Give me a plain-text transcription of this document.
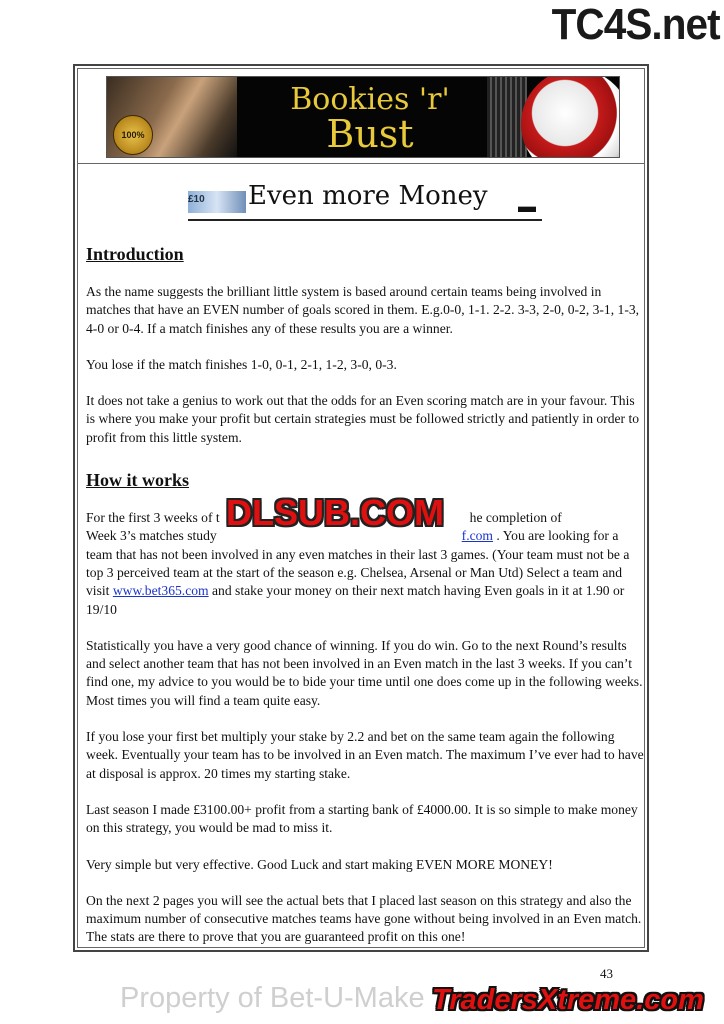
TC4S.net
100%
Bookies 'r'
Bust
£10	Even more Money ▬
Introduction

As the name suggests the brilliant little system is based around certain teams being involved in matches that have an EVEN number of goals scored in them. E.g.0-0, 1-1. 2-2. 3-3, 2-0, 0-2, 3-1, 1-3, 4-0 or 0-4. If a match finishes any of these results you are a winner.

You lose if the match finishes 1-0, 0-1, 2-1, 1-2, 3-0, 0-3.

It does not take a genius to work out that the odds for an Even scoring match are in your favour. This is where you make your profit but certain strategies must be followed strictly and patiently in order to profit from this little system.

How it works

For the first 3 weeks of t	he completion of
Week 3’s matches study	f.com . You are looking for a team that has not been involved in any even matches in their last 3 games. (Your team must not be a top 3 perceived team at the start of the season e.g. Chelsea, Arsenal or Man Utd) Select a team and visit www.bet365.com and stake your money on their next match having Even goals in it at 1.90 or 19/10

Statistically you have a very good chance of winning. If you do win. Go to the next Round’s results and select another team that has not been involved in an Even match in the last 3 weeks. If you can’t find one, my advice to you would be to bide your time until one does come up in the following weeks. Most times you will find a team quite easy.

If you lose your first bet multiply your stake by 2.2 and bet on the same team again the following week. Eventually your team has to be involved in an Even match. The maximum I’ve ever had to have at disposal is approx. 20 times my starting stake.

Last season I made £3100.00+ profit from a starting bank of £4000.00. It is so simple to make money on this strategy, you would be mad to miss it.

Very simple but very effective. Good Luck and start making EVEN MORE MONEY!

On the next 2 pages you will see the actual bets that I placed last season on this strategy and also the maximum number of consecutive matches teams have gone without being involved in an Even match. The stats are there to prove that you are guaranteed profit on this one!

DLSUB.COM
43
Property of Bet-U-Make TradersXtreme.com
